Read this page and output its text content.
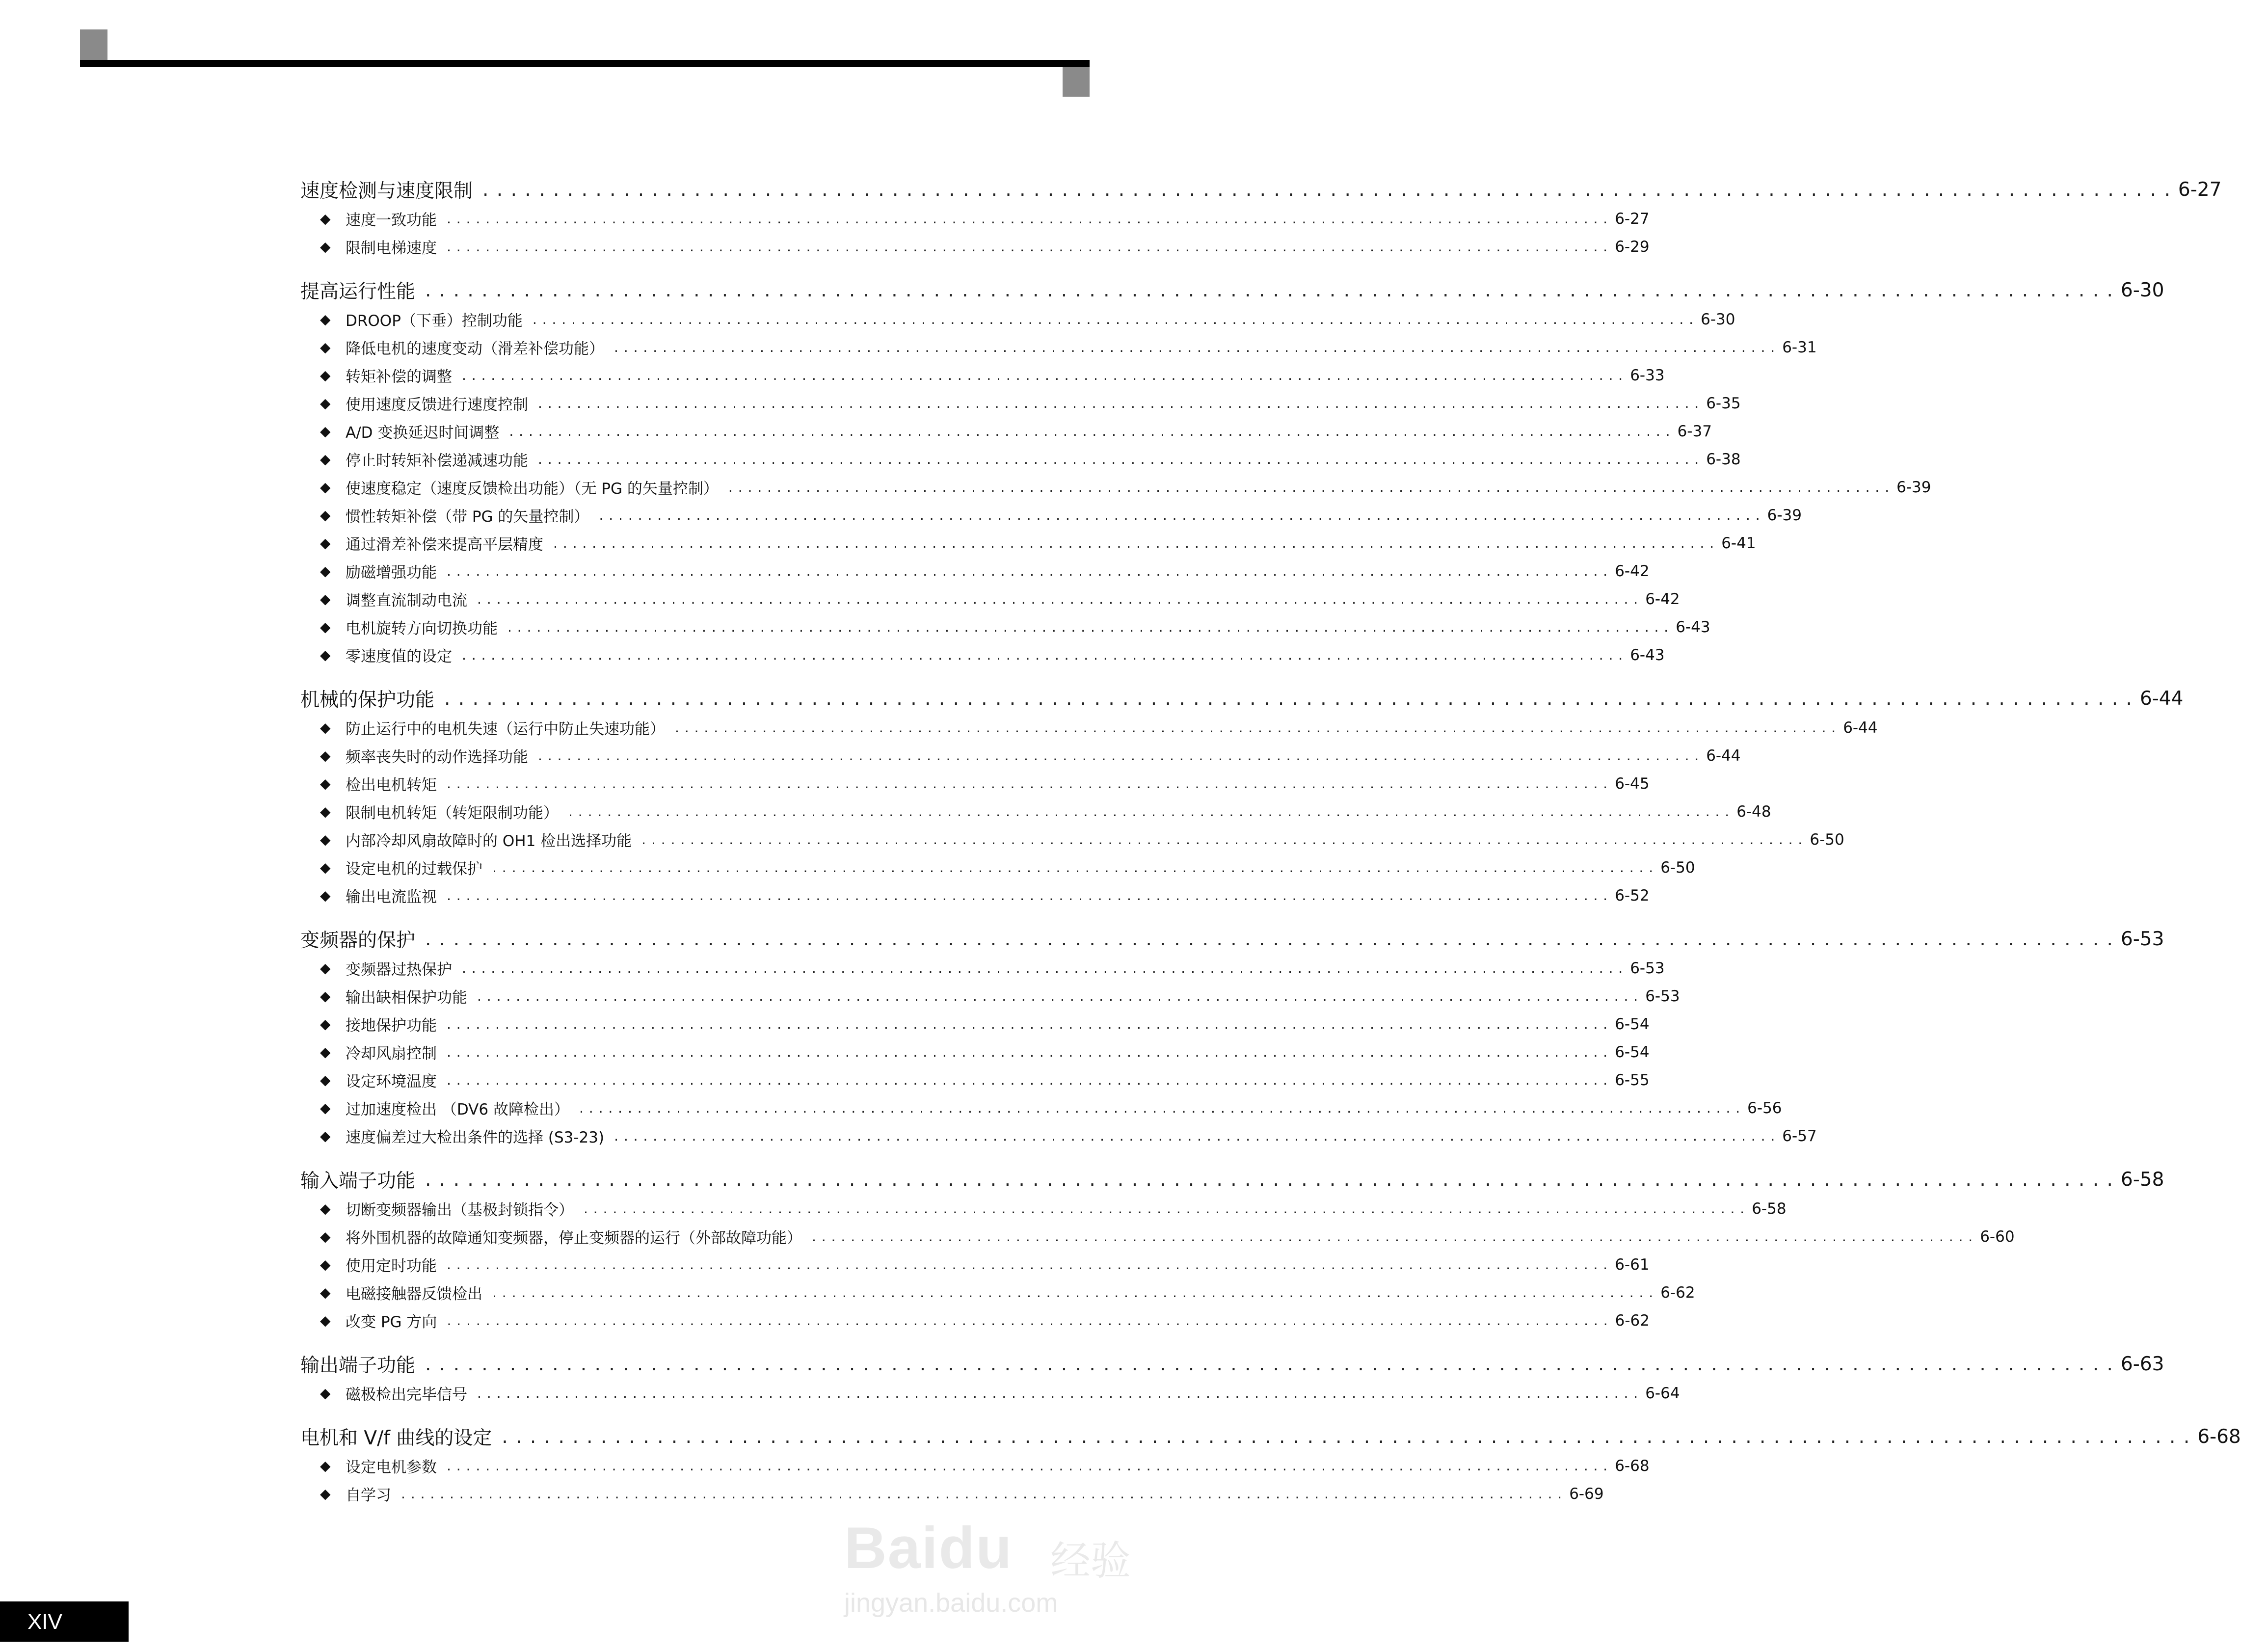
速度检测与速度限制 . . . . . . . . . . . . . . . . . . . . . . . . . . . . . . . . . . . . . . . . . . . . . . . . . . . . . . . . . . . . . . . . . . . . . . . . . . . . . . . . . . . . . . . . . . . . . . . . . . . . . . . . . . . . . . . . . . . . . . . . 6-27
◆ 速度一致功能 . . . . . . . . . . . . . . . . . . . . . . . . . . . . . . . . . . . . . . . . . . . . . . . . . . . . . . . . . . . . . . . . . . . . . . . . . . . . . . . . . . . . . . . . . . . . . . . . . . . . . . . . . . . . . . . . . . . . . . . . 6-27
◆ 限制电梯速度 . . . . . . . . . . . . . . . . . . . . . . . . . . . . . . . . . . . . . . . . . . . . . . . . . . . . . . . . . . . . . . . . . . . . . . . . . . . . . . . . . . . . . . . . . . . . . . . . . . . . . . . . . . . . . . . . . . . . . . . . 6-29
提高运行性能 . . . . . . . . . . . . . . . . . . . . . . . . . . . . . . . . . . . . . . . . . . . . . . . . . . . . . . . . . . . . . . . . . . . . . . . . . . . . . . . . . . . . . . . . . . . . . . . . . . . . . . . . . . . . . . . . . . . . . . . . 6-30
◆ DROOP（下垂）控制功能 . . . . . . . . . . . . . . . . . . . . . . . . . . . . . . . . . . . . . . . . . . . . . . . . . . . . . . . . . . . . . . . . . . . . . . . . . . . . . . . . . . . . . . . . . . . . . . . . . . . . . . . . . . . . . . . . . . . . . . . . 6-30
◆ 降低电机的速度变动（滑差补偿功能） . . . . . . . . . . . . . . . . . . . . . . . . . . . . . . . . . . . . . . . . . . . . . . . . . . . . . . . . . . . . . . . . . . . . . . . . . . . . . . . . . . . . . . . . . . . . . . . . . . . . . . . . . . . . . . . . . . . . . . . . 6-31
◆ 转矩补偿的调整 . . . . . . . . . . . . . . . . . . . . . . . . . . . . . . . . . . . . . . . . . . . . . . . . . . . . . . . . . . . . . . . . . . . . . . . . . . . . . . . . . . . . . . . . . . . . . . . . . . . . . . . . . . . . . . . . . . . . . . . . 6-33
◆ 使用速度反馈进行速度控制 . . . . . . . . . . . . . . . . . . . . . . . . . . . . . . . . . . . . . . . . . . . . . . . . . . . . . . . . . . . . . . . . . . . . . . . . . . . . . . . . . . . . . . . . . . . . . . . . . . . . . . . . . . . . . . . . . . . . . . . . 6-35
◆ A/D 变换延迟时间调整 . . . . . . . . . . . . . . . . . . . . . . . . . . . . . . . . . . . . . . . . . . . . . . . . . . . . . . . . . . . . . . . . . . . . . . . . . . . . . . . . . . . . . . . . . . . . . . . . . . . . . . . . . . . . . . . . . . . . . . . . 6-37
◆ 停止时转矩补偿递减速功能 . . . . . . . . . . . . . . . . . . . . . . . . . . . . . . . . . . . . . . . . . . . . . . . . . . . . . . . . . . . . . . . . . . . . . . . . . . . . . . . . . . . . . . . . . . . . . . . . . . . . . . . . . . . . . . . . . . . . . . . . 6-38
◆ 使速度稳定（速度反馈检出功能）（无 PG 的矢量控制） . . . . . . . . . . . . . . . . . . . . . . . . . . . . . . . . . . . . . . . . . . . . . . . . . . . . . . . . . . . . . . . . . . . . . . . . . . . . . . . . . . . . . . . . . . . . . . . . . . . . . . . . . . . . . . . . . . . . . . . . 6-39
◆ 惯性转矩补偿（带 PG 的矢量控制） . . . . . . . . . . . . . . . . . . . . . . . . . . . . . . . . . . . . . . . . . . . . . . . . . . . . . . . . . . . . . . . . . . . . . . . . . . . . . . . . . . . . . . . . . . . . . . . . . . . . . . . . . . . . . . . . . . . . . . . . 6-39
◆ 通过滑差补偿来提高平层精度 . . . . . . . . . . . . . . . . . . . . . . . . . . . . . . . . . . . . . . . . . . . . . . . . . . . . . . . . . . . . . . . . . . . . . . . . . . . . . . . . . . . . . . . . . . . . . . . . . . . . . . . . . . . . . . . . . . . . . . . . 6-41
◆ 励磁增强功能 . . . . . . . . . . . . . . . . . . . . . . . . . . . . . . . . . . . . . . . . . . . . . . . . . . . . . . . . . . . . . . . . . . . . . . . . . . . . . . . . . . . . . . . . . . . . . . . . . . . . . . . . . . . . . . . . . . . . . . . . 6-42
◆ 调整直流制动电流 . . . . . . . . . . . . . . . . . . . . . . . . . . . . . . . . . . . . . . . . . . . . . . . . . . . . . . . . . . . . . . . . . . . . . . . . . . . . . . . . . . . . . . . . . . . . . . . . . . . . . . . . . . . . . . . . . . . . . . . . 6-42
◆ 电机旋转方向切换功能 . . . . . . . . . . . . . . . . . . . . . . . . . . . . . . . . . . . . . . . . . . . . . . . . . . . . . . . . . . . . . . . . . . . . . . . . . . . . . . . . . . . . . . . . . . . . . . . . . . . . . . . . . . . . . . . . . . . . . . . . 6-43
◆ 零速度值的设定 . . . . . . . . . . . . . . . . . . . . . . . . . . . . . . . . . . . . . . . . . . . . . . . . . . . . . . . . . . . . . . . . . . . . . . . . . . . . . . . . . . . . . . . . . . . . . . . . . . . . . . . . . . . . . . . . . . . . . . . . 6-43
机械的保护功能 . . . . . . . . . . . . . . . . . . . . . . . . . . . . . . . . . . . . . . . . . . . . . . . . . . . . . . . . . . . . . . . . . . . . . . . . . . . . . . . . . . . . . . . . . . . . . . . . . . . . . . . . . . . . . . . . . . . . . . . . 6-44
◆ 防止运行中的电机失速（运行中防止失速功能） . . . . . . . . . . . . . . . . . . . . . . . . . . . . . . . . . . . . . . . . . . . . . . . . . . . . . . . . . . . . . . . . . . . . . . . . . . . . . . . . . . . . . . . . . . . . . . . . . . . . . . . . . . . . . . . . . . . . . . . . 6-44
◆ 频率丧失时的动作选择功能 . . . . . . . . . . . . . . . . . . . . . . . . . . . . . . . . . . . . . . . . . . . . . . . . . . . . . . . . . . . . . . . . . . . . . . . . . . . . . . . . . . . . . . . . . . . . . . . . . . . . . . . . . . . . . . . . . . . . . . . . 6-44
◆ 检出电机转矩 . . . . . . . . . . . . . . . . . . . . . . . . . . . . . . . . . . . . . . . . . . . . . . . . . . . . . . . . . . . . . . . . . . . . . . . . . . . . . . . . . . . . . . . . . . . . . . . . . . . . . . . . . . . . . . . . . . . . . . . . 6-45
◆ 限制电机转矩（转矩限制功能） . . . . . . . . . . . . . . . . . . . . . . . . . . . . . . . . . . . . . . . . . . . . . . . . . . . . . . . . . . . . . . . . . . . . . . . . . . . . . . . . . . . . . . . . . . . . . . . . . . . . . . . . . . . . . . . . . . . . . . . . 6-48
◆ 内部冷却风扇故障时的 OH1 检出选择功能 . . . . . . . . . . . . . . . . . . . . . . . . . . . . . . . . . . . . . . . . . . . . . . . . . . . . . . . . . . . . . . . . . . . . . . . . . . . . . . . . . . . . . . . . . . . . . . . . . . . . . . . . . . . . . . . . . . . . . . . . 6-50
◆ 设定电机的过载保护 . . . . . . . . . . . . . . . . . . . . . . . . . . . . . . . . . . . . . . . . . . . . . . . . . . . . . . . . . . . . . . . . . . . . . . . . . . . . . . . . . . . . . . . . . . . . . . . . . . . . . . . . . . . . . . . . . . . . . . . . 6-50
◆ 输出电流监视 . . . . . . . . . . . . . . . . . . . . . . . . . . . . . . . . . . . . . . . . . . . . . . . . . . . . . . . . . . . . . . . . . . . . . . . . . . . . . . . . . . . . . . . . . . . . . . . . . . . . . . . . . . . . . . . . . . . . . . . . 6-52
变频器的保护 . . . . . . . . . . . . . . . . . . . . . . . . . . . . . . . . . . . . . . . . . . . . . . . . . . . . . . . . . . . . . . . . . . . . . . . . . . . . . . . . . . . . . . . . . . . . . . . . . . . . . . . . . . . . . . . . . . . . . . . . 6-53
◆ 变频器过热保护 . . . . . . . . . . . . . . . . . . . . . . . . . . . . . . . . . . . . . . . . . . . . . . . . . . . . . . . . . . . . . . . . . . . . . . . . . . . . . . . . . . . . . . . . . . . . . . . . . . . . . . . . . . . . . . . . . . . . . . . . 6-53
◆ 输出缺相保护功能 . . . . . . . . . . . . . . . . . . . . . . . . . . . . . . . . . . . . . . . . . . . . . . . . . . . . . . . . . . . . . . . . . . . . . . . . . . . . . . . . . . . . . . . . . . . . . . . . . . . . . . . . . . . . . . . . . . . . . . . . 6-53
◆ 接地保护功能 . . . . . . . . . . . . . . . . . . . . . . . . . . . . . . . . . . . . . . . . . . . . . . . . . . . . . . . . . . . . . . . . . . . . . . . . . . . . . . . . . . . . . . . . . . . . . . . . . . . . . . . . . . . . . . . . . . . . . . . . 6-54
◆ 冷却风扇控制 . . . . . . . . . . . . . . . . . . . . . . . . . . . . . . . . . . . . . . . . . . . . . . . . . . . . . . . . . . . . . . . . . . . . . . . . . . . . . . . . . . . . . . . . . . . . . . . . . . . . . . . . . . . . . . . . . . . . . . . . 6-54
◆ 设定环境温度 . . . . . . . . . . . . . . . . . . . . . . . . . . . . . . . . . . . . . . . . . . . . . . . . . . . . . . . . . . . . . . . . . . . . . . . . . . . . . . . . . . . . . . . . . . . . . . . . . . . . . . . . . . . . . . . . . . . . . . . . 6-55
◆ 过加速度检出 （DV6 故障检出） . . . . . . . . . . . . . . . . . . . . . . . . . . . . . . . . . . . . . . . . . . . . . . . . . . . . . . . . . . . . . . . . . . . . . . . . . . . . . . . . . . . . . . . . . . . . . . . . . . . . . . . . . . . . . . . . . . . . . . . . 6-56
◆ 速度偏差过大检出条件的选择 (S3-23) . . . . . . . . . . . . . . . . . . . . . . . . . . . . . . . . . . . . . . . . . . . . . . . . . . . . . . . . . . . . . . . . . . . . . . . . . . . . . . . . . . . . . . . . . . . . . . . . . . . . . . . . . . . . . . . . . . . . . . . . 6-57
输入端子功能 . . . . . . . . . . . . . . . . . . . . . . . . . . . . . . . . . . . . . . . . . . . . . . . . . . . . . . . . . . . . . . . . . . . . . . . . . . . . . . . . . . . . . . . . . . . . . . . . . . . . . . . . . . . . . . . . . . . . . . . . 6-58
◆ 切断变频器输出（基极封锁指令） . . . . . . . . . . . . . . . . . . . . . . . . . . . . . . . . . . . . . . . . . . . . . . . . . . . . . . . . . . . . . . . . . . . . . . . . . . . . . . . . . . . . . . . . . . . . . . . . . . . . . . . . . . . . . . . . . . . . . . . . 6-58
◆ 将外围机器的故障通知变频器，停止变频器的运行（外部故障功能） . . . . . . . . . . . . . . . . . . . . . . . . . . . . . . . . . . . . . . . . . . . . . . . . . . . . . . . . . . . . . . . . . . . . . . . . . . . . . . . . . . . . . . . . . . . . . . . . . . . . . . . . . . . . . . . . . . . . . . . . 6-60
◆ 使用定时功能 . . . . . . . . . . . . . . . . . . . . . . . . . . . . . . . . . . . . . . . . . . . . . . . . . . . . . . . . . . . . . . . . . . . . . . . . . . . . . . . . . . . . . . . . . . . . . . . . . . . . . . . . . . . . . . . . . . . . . . . . 6-61
◆ 电磁接触器反馈检出 . . . . . . . . . . . . . . . . . . . . . . . . . . . . . . . . . . . . . . . . . . . . . . . . . . . . . . . . . . . . . . . . . . . . . . . . . . . . . . . . . . . . . . . . . . . . . . . . . . . . . . . . . . . . . . . . . . . . . . . . 6-62
◆ 改变 PG 方向 . . . . . . . . . . . . . . . . . . . . . . . . . . . . . . . . . . . . . . . . . . . . . . . . . . . . . . . . . . . . . . . . . . . . . . . . . . . . . . . . . . . . . . . . . . . . . . . . . . . . . . . . . . . . . . . . . . . . . . . . 6-62
输出端子功能 . . . . . . . . . . . . . . . . . . . . . . . . . . . . . . . . . . . . . . . . . . . . . . . . . . . . . . . . . . . . . . . . . . . . . . . . . . . . . . . . . . . . . . . . . . . . . . . . . . . . . . . . . . . . . . . . . . . . . . . . 6-63
◆ 磁极检出完毕信号 . . . . . . . . . . . . . . . . . . . . . . . . . . . . . . . . . . . . . . . . . . . . . . . . . . . . . . . . . . . . . . . . . . . . . . . . . . . . . . . . . . . . . . . . . . . . . . . . . . . . . . . . . . . . . . . . . . . . . . . . 6-64
电机和 V/f 曲线的设定 . . . . . . . . . . . . . . . . . . . . . . . . . . . . . . . . . . . . . . . . . . . . . . . . . . . . . . . . . . . . . . . . . . . . . . . . . . . . . . . . . . . . . . . . . . . . . . . . . . . . . . . . . . . . . . . . . . . . . . . . 6-68
◆ 设定电机参数 . . . . . . . . . . . . . . . . . . . . . . . . . . . . . . . . . . . . . . . . . . . . . . . . . . . . . . . . . . . . . . . . . . . . . . . . . . . . . . . . . . . . . . . . . . . . . . . . . . . . . . . . . . . . . . . . . . . . . . . . 6-68
◆ 自学习 . . . . . . . . . . . . . . . . . . . . . . . . . . . . . . . . . . . . . . . . . . . . . . . . . . . . . . . . . . . . . . . . . . . . . . . . . . . . . . . . . . . . . . . . . . . . . . . . . . . . . . . . . . . . . . . . . . . . . . . . 6-69
Baidu 经验
jingyan.baidu.com
XIV
